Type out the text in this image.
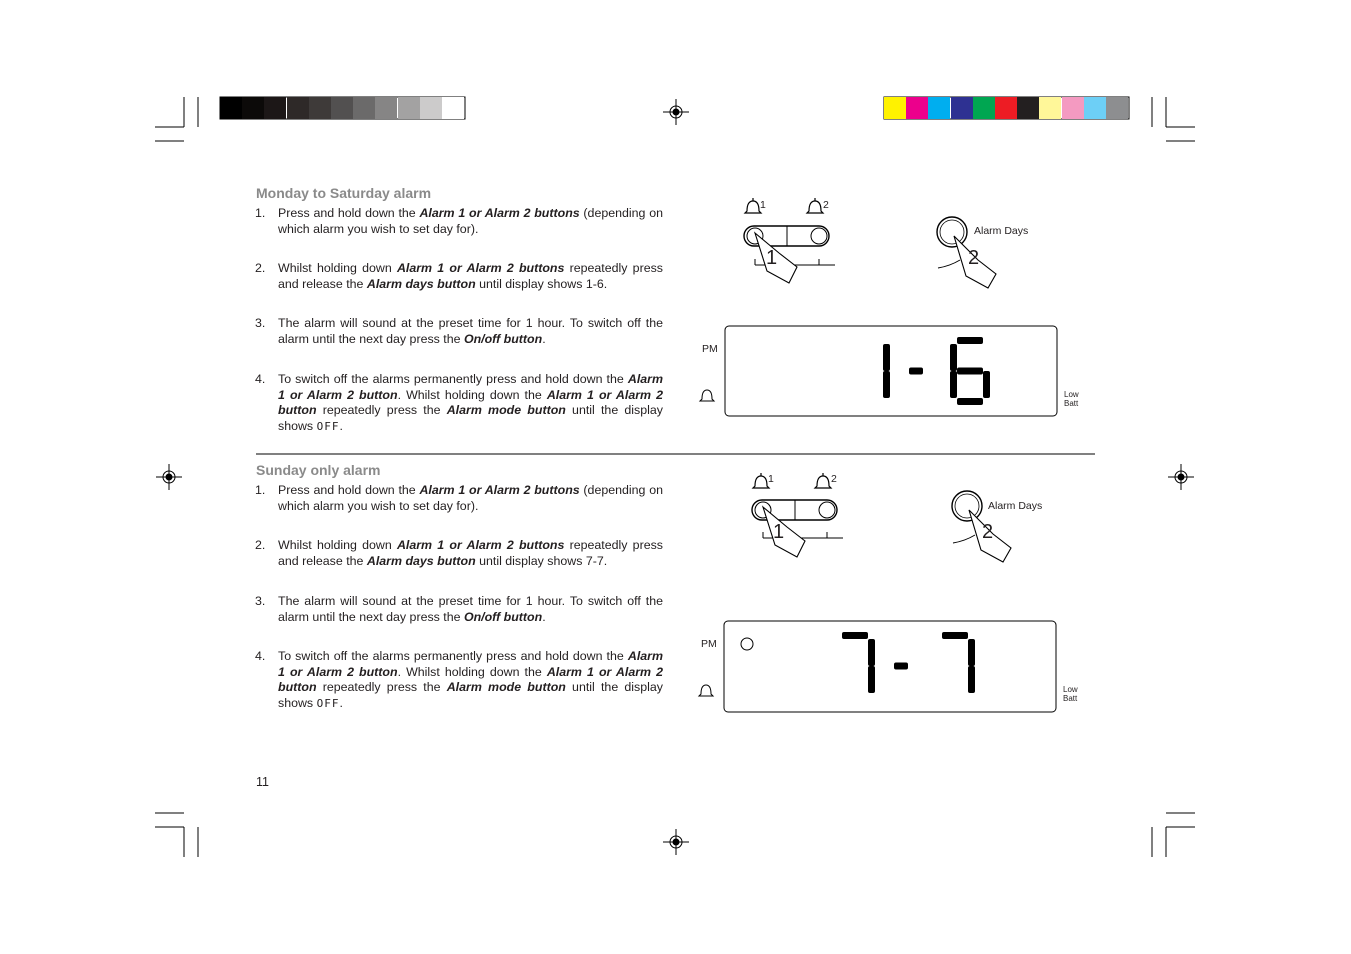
Monday to Saturday alarm
1. Press and hold down the Alarm 1 or Alarm 2 buttons (depending on which alarm you wish to set day for).
2. Whilst holding down Alarm 1 or Alarm 2 buttons repeatedly press and release the Alarm days button until display shows 1-6.
3. The alarm will sound at the preset time for 1 hour. To switch off the alarm until the next day press the On/off button.
4. To switch off the alarms permanently press and hold down the Alarm 1 or Alarm 2 button. Whilst holding down the Alarm 1 or Alarm 2 button repeatedly press the Alarm mode button until the display shows OFF.
Sunday only alarm
1. Press and hold down the Alarm 1 or Alarm 2 buttons (depending on which alarm you wish to set day for).
2. Whilst holding down Alarm 1 or Alarm 2 buttons repeatedly press and release the Alarm days button until display shows 7-7.
3. The alarm will sound at the preset time for 1 hour. To switch off the alarm until the next day press the On/off button.
4. To switch off the alarms permanently press and hold down the Alarm 1 or Alarm 2 button. Whilst holding down the Alarm 1 or Alarm 2 button repeatedly press the Alarm mode button until the display shows OFF.
1	2
1
Alarm Days
2
PM
Low
Batt
1	2
1
Alarm Days
2
PM
Low
Batt
11
